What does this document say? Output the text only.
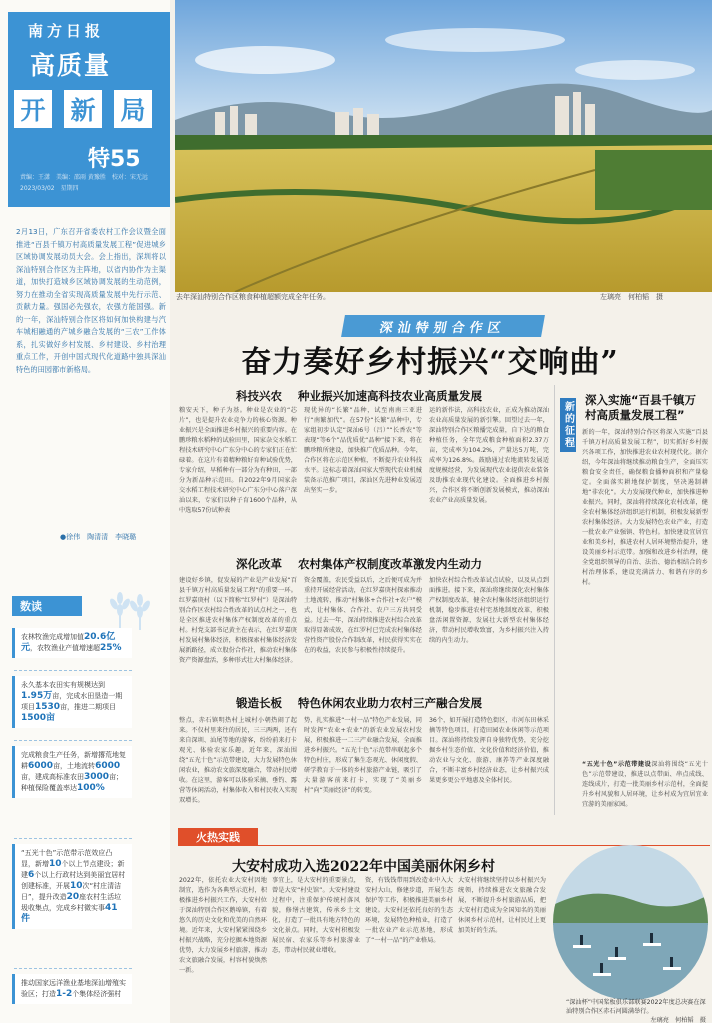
南方日报
高质量
开 新 局
特55
责编：王潇　美编：邵雨 黄豫胜　校对：宋无远
2023/03/02　星期四
2月13日，广东召开省委农村工作会议暨全面推进“百县千镇万村高质量发展工程”促进城乡区域协调发展动员大会。会上指出，深圳将以深汕特别合作区为主阵地，以省内协作为主渠道，加快打造城乡区域协调发展的生动范例，努力在推动全省实现高质量发展中先行示范、贡献力量。强国必先强农，农强方能国强。新的一年，深汕特别合作区将如何加快构建与汽车城相融通的产城乡融合发展的“三农”工作体系，扎实做好乡村发展、乡村建设、乡村治理重点工作，开创中国式现代化道路中独具深汕特色的田园都市新格局。
●徐伟　陶清清　李晓璐
数读
农林牧渔完成增加值20.6亿元，农牧渔业产值增速超25%
永久基本农田实有规模达到1.95万亩，完成水田垦造一期项目1530亩，推进二期项目1500亩
完成粮食生产任务，新增撂荒地复耕6000亩，土地流转6000亩，建成高标准农田3000亩；种植保险覆盖率达100%
“五光十色”示范带示范效应凸显，新增10个以上节点建设；新建6个以上行政村达到美丽宜居村创建标准，开展10次“村庄清洁日”，提升改造20座农村生活垃圾收集点，完成乡村微实事41件
推动国家远洋渔业基地深汕增殖实验区；打造1-2个集体经济强村
去年深汕特别合作区粮食种植超额完成全年任务。	左璃亮　何柏韬　摄
深汕特别合作区
奋力奏好乡村振兴“交响曲”
科技兴农 种业振兴加速高科技农业高质量发展
粮安天下，种子为基。种业是农业的“芯片”，也是提升农业竞争力的核心资源。种业振兴是全面推进乡村振兴的重要内容。在鹏珍粮水稻种的试验田里，国家杂交水稻工程技术研究中心广东分中心的专家们正在忙碌着。在这片有着精种粮好育种试验优势，专家介绍，早稻种有一部分为有种田，一部分为新品种示范田。自2022年9月国家杂交水稻工程技术研究中心广东分中心落户深汕以来，专家们以种子育1600个品种，从中选取57份试种表
现优异的“长繁”品种，试至南南三亚进行“南繁加代”。在57份“长繁”品种中，专家组初步认定“深汕6号（吕）”“长香农”等表现“等6个”品优质优“品种”接下来，将在鹏珍粮所建设，加快推广优质品种。今年，合作区将在示范区种植，不断提升农业科技水平。这标志着深汕国家大型现代农业机械装备示范推广项目，深汕区先进种业发展迈出坚实一步。
运的新作法，高科技农业，正成为推动深汕农业高质量发展的新引擎。回望过去一年，深汕特别合作区粮播完成量，自下达的粮食种植任务，全年完成粮食种植面积2.37万亩，完成率为104.2%，产量达5万吨，完成率为126.8%。鼓励通过农地流转发展适度规模经营，为发展现代农业提供农业装备及助推农业现代化建设。全面推进乡村振兴，合作区将不断创新发展模式，推动深汕农业产业高质量发展。
深化改革 农村集体产权制度改革激发内生动力
建设好乡镇，促发展的产业是产业发展“百县千镇万村高质量发展工程”的重要一环。红罗嘉庚村（以下简称“红罗村”）是深汕特别合作区农村综合性改革的试点村之一，也是全区推进农村集体产权制度改革的重点村。村党支部书记黄主在表示，在红罗嘉庚村发展村集体经济，积极探索村集体经济发展新路径，成立股份合作社，推动农村集体资产资源盘活，多种形式壮大村集体经济。
资金覆盖，农民受益以后，之后便可成为并重持开展经营活动，在红罗嘉庚村探索推动土地流转，推动“村集体+合作社+农户”模式，让村集体、合作社、农户三方共同受益。过去一年，深汕持续推进农村综合改革取得显著成效，在红罗村已完成农村集体经营性资产股份合作制改革，村民获得实实在在的收益，农民参与积极性持续提升。
加快农村综合性改革试点试验，以及从点到面推进。接下来，深汕将继续深化农村集体产权制度改革，健全农村集体经济组织运行机制，稳步推进农村宅基地制度改革，积极盘活闲置资源，发展壮大新型农村集体经济，带动村民增收致富，为乡村振兴注入持续的内生动力。
锻造长板 特色休闲农业助力农村三产融合发展
整点，赤石镇明热村上城村小朝热闹了起来。不仅村里来往的居民，三三两两，还有来自深圳、汕尾等地的游客，纷纷前来打卡观光、体验农家乐趣。近年来，深汕围绕“五光十色”示范带建设，大力发展特色休闲农业，推动农文旅深度融合，带动村民增收。在这里，游客可以体验采摘、垂钓、露营等休闲活动，村集体收入和村民收入实现双增长。
势，扎实推进“一村一品”特色产业发展，同时发挥“农业+农业”的新农业发展农村发展，积极推进一二三产业融合发展，全面推进乡村振兴。“五光十色”示范带串联起多个特色村庄，形成了集生态观光、休闲度假、研学教育于一体的乡村旅游产业链，吸引了大量游客前来打卡，实现了“美丽乡村”向“美丽经济”的转变。
36个，如开展打造特色街区，市河东田林采摘等特色项目，打造田园农业休闲等示范项目。深汕将持续发挥自身独特优势，充分挖掘乡村生态价值、文化价值和经济价值，推动农业与文化、旅游、康养等产业深度融合，不断丰富乡村经济业态，让乡村振兴成果更多更公平地惠及全体村民。
新的征程
深入实施“百县千镇万村高质量发展工程”
新的一年，深汕特别合作区将深入实施“百县千镇万村高质量发展工程”，切实抓好乡村振兴各项工作，加快推进农业农村现代化。据介绍，今年深汕将继续推动粮食生产，全面压实粮食安全责任，确保粮食播种面积和产量稳定。全面落实耕地保护制度，坚决遏制耕地“非农化”。大力发展现代种业，加快推进种业振兴。同时，深汕将持续深化农村改革，健全农村集体经济组织运行机制，积极发展新型农村集体经济。大力发展特色农业产业，打造一批农业产业强镇、特色村。加快建设宜居宜业和美乡村，推进农村人居环境整治提升，建设美丽乡村示范带。加强和改进乡村治理，健全党组织领导的自治、法治、德治相结合的乡村治理体系，建设充满活力、和谐有序的乡村。
“五光十色”示范带建设深汕将围绕“五光十色”示范带建设，推进以点带面、串点成线、连线成片，打造一批美丽乡村示范村，全面提升乡村风貌和人居环境，让乡村成为宜居宜业宜游的美丽家园。
火热实践
大安村成功入选2022年中国美丽休闲乡村
2022年，依托农业大安村因地制宜，选作为各典型示范村，积极推进乡村振兴工作，大安村位于深汕特别合作区鹅埠镇，有着悠久的历史文化和优美的自然环境。近年来，大安村紧紧围绕乡村振兴战略，充分挖掘本地资源优势，大力发展乡村旅游，推动农文旅融合发展，村容村貌焕然一新。
事宜上，是大安村的重要景点，曾是大安“村史馆”。大安村建设过程中，注重保护传统村落风貌，修缮古建筑，传承乡土文化，打造了一批具有地方特色的文化景点。同时，大安村积极发展民宿、农家乐等乡村旅游业态，带动村民就业增收。
资，有钱钱带用到改造业中入大安村大山，修建步道，开展生态保护等工作，积极推进美丽乡村建设。大安村还依托良好的生态环境，发展特色种植业，打造了一批农业产业示范基地，形成了“一村一品”的产业格局。
大安村将继续坚持以乡村振兴为统领，持续推进农文旅融合发展，不断提升乡村旅游品质，把大安村打造成为全国知名的美丽休闲乡村示范村，让村民过上更加美好的生活。
“深汕杯”中国桨板俱乐部联赛2022年度总决赛在深汕特别合作区赤石河圆满举行。
左璃亮　何柏韬　摄
